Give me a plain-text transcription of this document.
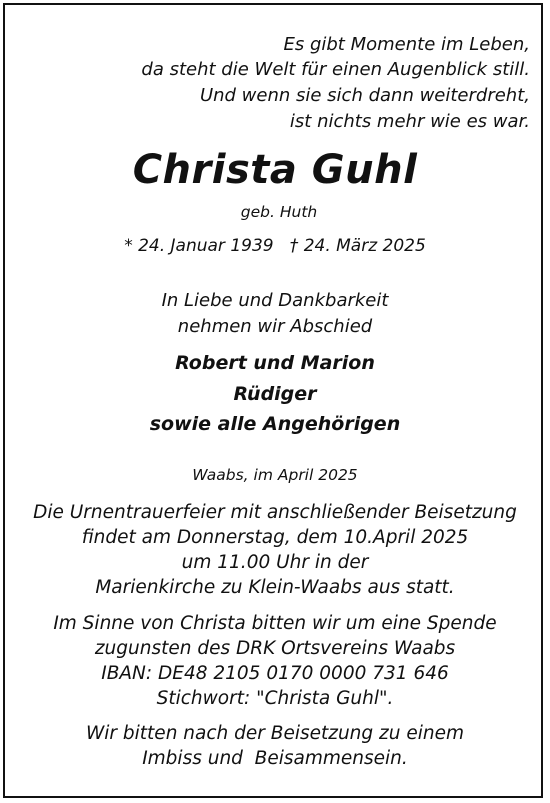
Es gibt Momente im Leben,
da steht die Welt für einen Augenblick still.
Und wenn sie sich dann weiterdreht,
ist nichts mehr wie es war.
Christa Guhl
geb. Huth
* 24. Januar 1939   † 24. März 2025
In Liebe und Dankbarkeit
nehmen wir Abschied
Robert und Marion
Rüdiger
sowie alle Angehörigen
Waabs, im April 2025
Die Urnentrauerfeier mit anschließender Beisetzung
findet am Donnerstag, dem 10.April 2025
um 11.00 Uhr in der
Marienkirche zu Klein-Waabs aus statt.
Im Sinne von Christa bitten wir um eine Spende
zugunsten des DRK Ortsvereins Waabs
IBAN: DE48 2105 0170 0000 731 646
Stichwort: "Christa Guhl".
Wir bitten nach der Beisetzung zu einem
Imbiss und  Beisammensein.
